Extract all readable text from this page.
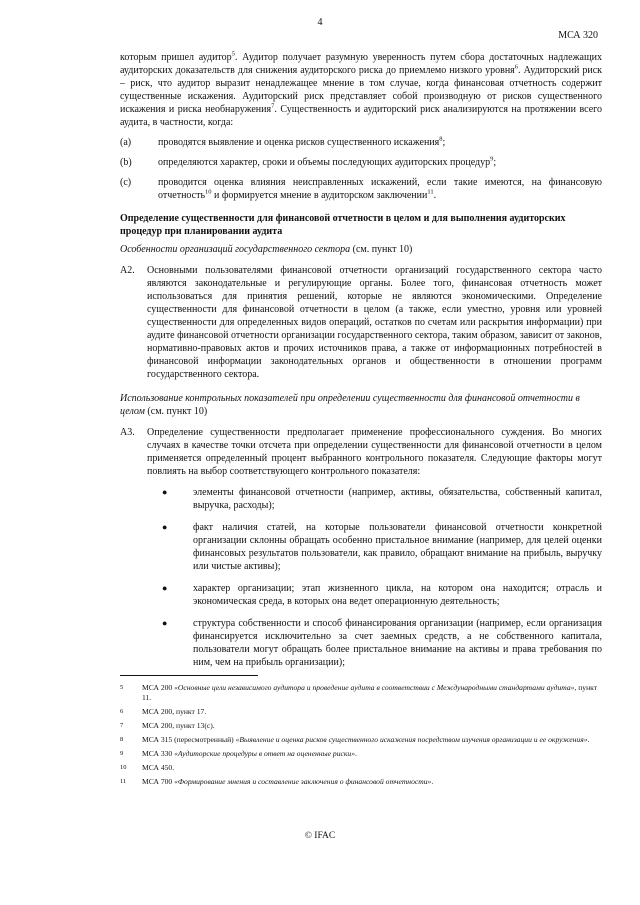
4
МСА 320

которым пришел аудитор$^5$. Аудитор получает разумную уверенность путем сбора достаточных надлежащих аудиторских доказательств для снижения аудиторского риска до приемлемо низкого уровня$^6$. Аудиторский риск – риск, что аудитор выразит ненадлежащее мнение в том случае, когда финансовая отчетность содержит существенные искажения. Аудиторский риск представляет собой производную от рисков существенного искажения и риска необнаружения$^7$. Существенность и аудиторский риск анализируются на протяжении всего аудита, в частности, когда:

(a)	проводятся выявление и оценка рисков существенного искажения$^8$;
(b)	определяются характер, сроки и объемы последующих аудиторских процедур$^9$;
(c)	проводится оценка влияния неисправленных искажений, если такие имеются, на финансовую отчетность$^{10}$ и формируется мнение в аудиторском заключении$^{11}$.
Определение существенности для финансовой отчетности в целом и для выполнения аудиторских процедур при планировании аудита
Особенности организаций государственного сектора (см. пункт 10)
A2.	Основными пользователями финансовой отчетности организаций государственного сектора часто являются законодательные и регулирующие органы. Более того, финансовая отчетность может использоваться для принятия решений, которые не являются экономическими. Определение существенности для финансовой отчетности в целом (а также, если уместно, уровня или уровней существенности для определенных видов операций, остатков по счетам или раскрытия информации) при аудите финансовой отчетности организации государственного сектора, таким образом, зависит от законов, нормативно-правовых актов и прочих источников права, а также от информационных потребностей в финансовой информации законодательных органов и общественности в отношении программ государственного сектора.
Использование контрольных показателей при определении существенности для финансовой отчетности в целом (см. пункт 10)
A3.	Определение существенности предполагает применение профессионального суждения. Во многих случаях в качестве точки отсчета при определении существенности для финансовой отчетности в целом применяется определенный процент выбранного контрольного показателя. Следующие факторы могут повлиять на выбор соответствующего контрольного показателя:
●	элементы финансовой отчетности (например, активы, обязательства, собственный капитал, выручка, расходы);
●	факт наличия статей, на которые пользователи финансовой отчетности конкретной организации склонны обращать особенно пристальное внимание (например, для целей оценки финансовых результатов пользователи, как правило, обращают внимание на прибыль, выручку или чистые активы);
●	характер организации; этап жизненного цикла, на котором она находится; отрасль и экономическая среда, в которых она ведет операционную деятельность;
●	структура собственности и способ финансирования организации (например, если организация финансируется исключительно за счет заемных средств, а не собственного капитала, пользователи могут обращать более пристальное внимание на активы и права требования по ним, чем на прибыль организации);
5	МСА 200 «Основные цели независимого аудитора и проведение аудита в соответствии с Международными стандартами аудита», пункт 11.
6	МСА 200, пункт 17.
7	МСА 200, пункт 13(c).
8	МСА 315 (пересмотренный) «Выявление и оценка рисков существенного искажения посредством изучения организации и ее окружения».
9	МСА 330 «Аудиторские процедуры в ответ на оцененные риски».
10	МСА 450.
11	МСА 700 «Формирование мнения и составление заключения о финансовой отчетности».
© IFAC
